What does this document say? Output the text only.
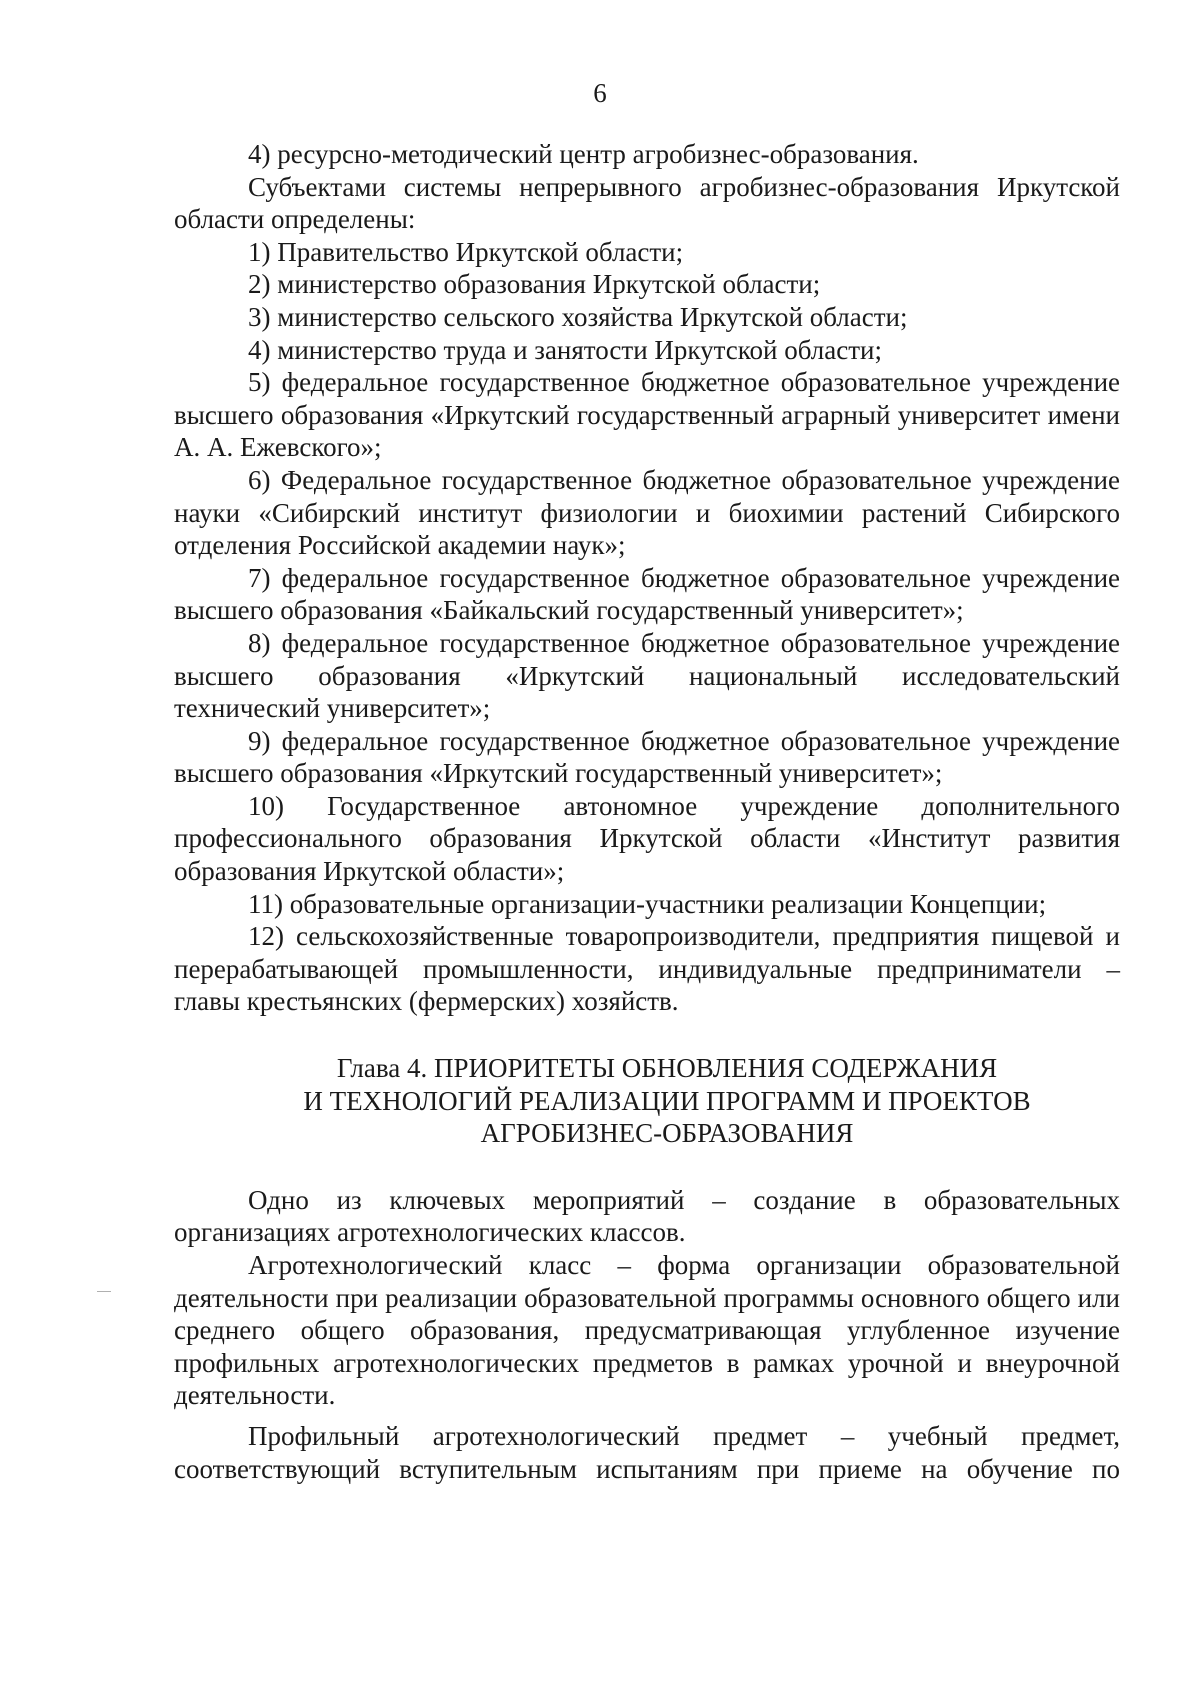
6

4) ресурсно-методический центр агробизнес-образования.

Субъектами системы непрерывного агробизнес-образования Иркутской области определены:

1) Правительство Иркутской области;

2) министерство образования Иркутской области;

3) министерство сельского хозяйства Иркутской области;

4) министерство труда и занятости Иркутской области;

5) федеральное государственное бюджетное образовательное учреждение высшего образования «Иркутский государственный аграрный университет имени А. А. Ежевского»;

6) Федеральное государственное бюджетное образовательное учреждение науки «Сибирский институт физиологии и биохимии растений Сибирского отделения Российской академии наук»;

7) федеральное государственное бюджетное образовательное учреждение высшего образования «Байкальский государственный университет»;

8) федеральное государственное бюджетное образовательное учреждение высшего образования «Иркутский национальный исследовательский технический университет»;

9) федеральное государственное бюджетное образовательное учреждение высшего образования «Иркутский государственный университет»;

10) Государственное автономное учреждение дополнительного профессионального образования Иркутской области «Институт развития образования Иркутской области»;

11) образовательные организации-участники реализации Концепции;

12) сельскохозяйственные товаропроизводители, предприятия пищевой и перерабатывающей промышленности, индивидуальные предприниматели – главы крестьянских (фермерских) хозяйств.

Глава 4. ПРИОРИТЕТЫ ОБНОВЛЕНИЯ СОДЕРЖАНИЯ
И ТЕХНОЛОГИЙ РЕАЛИЗАЦИИ ПРОГРАММ И ПРОЕКТОВ
АГРОБИЗНЕС-ОБРАЗОВАНИЯ

Одно из ключевых мероприятий – создание в образовательных организациях агротехнологических классов.

Агротехнологический класс – форма организации образовательной деятельности при реализации образовательной программы основного общего или среднего общего образования, предусматривающая углубленное изучение профильных агротехнологических предметов в рамках урочной и внеурочной деятельности.

Профильный агротехнологический предмет – учебный предмет, соответствующий вступительным испытаниям при приеме на обучение по
